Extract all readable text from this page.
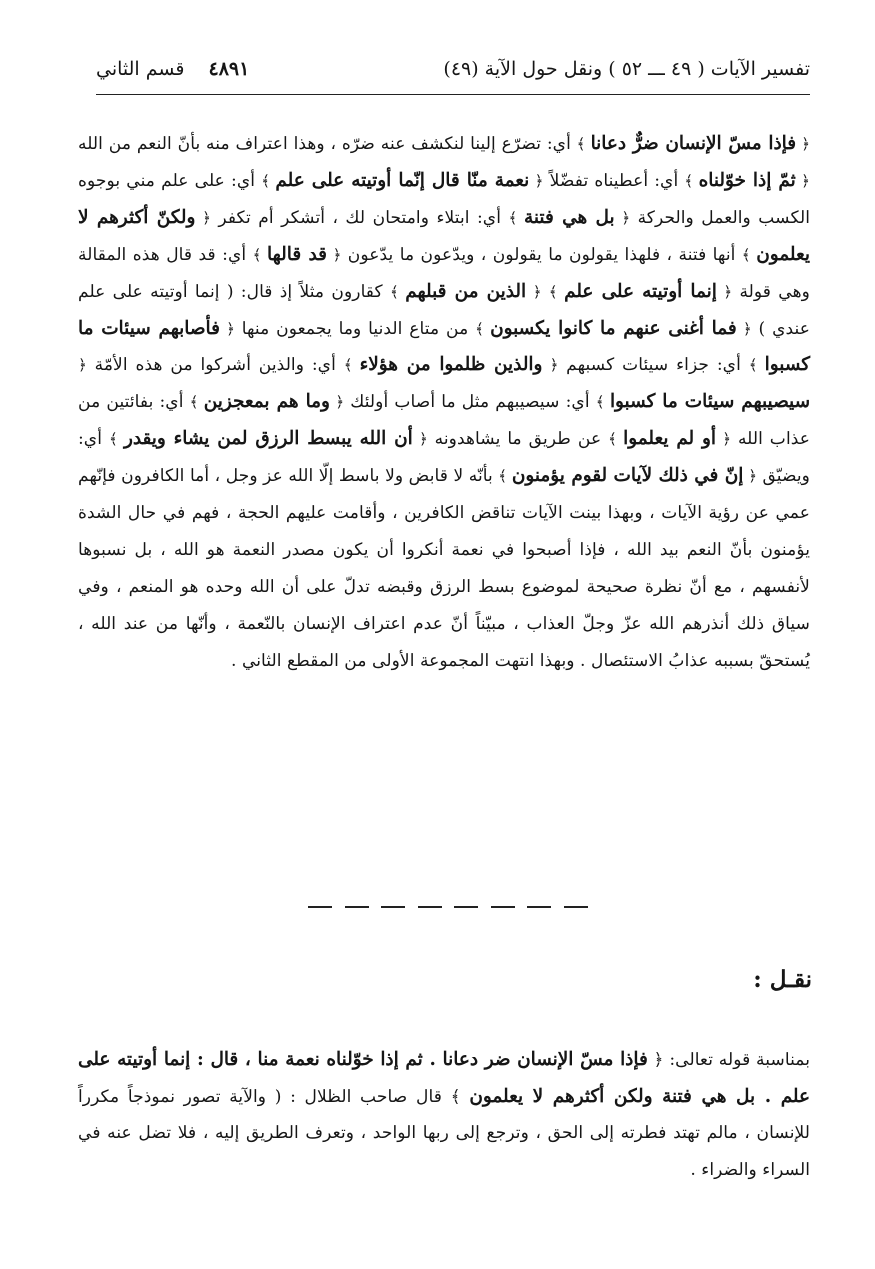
٤٨٩١ قسم الثاني	تفسير الآيات ( ٤٩ ـــ ٥٢ ) ونقل حول الآية (٤٩)
﴿ فإذا مسّ الإنسان ضرٌّ دعانا ﴾ أي: تضرّع إلينا لنكشف عنه ضرّه ، وهذا اعتراف منه بأنّ النعم من الله ﴿ ثمّ إذا خوّلناه ﴾ أي: أعطيناه تفضّلاً ﴿ نعمة منّا قال إنّما أوتيته على علم ﴾ أي: على علم مني بوجوه الكسب والعمل والحركة ﴿ بل هي فتنة ﴾ أي: ابتلاء وامتحان لك ، أتشكر أم تكفر ﴿ ولكنّ أكثرهم لا يعلمون ﴾ أنها فتنة ، فلهذا يقولون ما يقولون ، ويدّعون ما يدّعون ﴿ قد قالها ﴾ أي: قد قال هذه المقالة وهي قولة ﴿ إنما أوتيته على علم ﴾ ﴿ الذين من قبلهم ﴾ كقارون مثلاً إذ قال: ( إنما أوتيته على علم عندي ) ﴿ فما أغنى عنهم ما كانوا يكسبون ﴾ من متاع الدنيا وما يجمعون منها ﴿ فأصابهم سيئات ما كسبوا ﴾ أي: جزاء سيئات كسبهم ﴿ والذين ظلموا من هؤلاء ﴾ أي: والذين أشركوا من هذه الأمّة ﴿ سيصيبهم سيئات ما كسبوا ﴾ أي: سيصيبهم مثل ما أصاب أولئك ﴿ وما هم بمعجزين ﴾ أي: بفائتين من عذاب الله ﴿ أو لم يعلموا ﴾ عن طريق ما يشاهدونه ﴿ أن الله يبسط الرزق لمن يشاء ويقدر ﴾ أي: ويضيّق ﴿ إنّ في ذلك لآيات لقوم يؤمنون ﴾ بأنّه لا قابض ولا باسط إلّا الله عز وجل ، أما الكافرون فإنّهم عمي عن رؤية الآيات ، وبهذا بينت الآيات تناقض الكافرين ، وأقامت عليهم الحجة ، فهم في حال الشدة يؤمنون بأنّ النعم بيد الله ، فإذا أصبحوا في نعمة أنكروا أن يكون مصدر النعمة هو الله ، بل نسبوها لأنفسهم ، مع أنّ نظرة صحيحة لموضوع بسط الرزق وقبضه تدلّ على أن الله وحده هو المنعم ، وفي سياق ذلك أنذرهم الله عزّ وجلّ العذاب ، مبيّناً أنّ عدم اعتراف الإنسان بالنّعمة ، وأنّها من عند الله ، يُستحقّ بسببه عذابُ الاستئصال . وبهذا انتهت المجموعة الأولى من المقطع الثاني .
نقـل :
بمناسبة قوله تعالى: ﴿ فإذا مسّ الإنسان ضر دعانا . ثم إذا خوّلناه نعمة منا ، قال : إنما أوتيته على علم . بل هي فتنة ولكن أكثرهم لا يعلمون ﴾ قال صاحب الظلال : ( والآية تصور نموذجاً مكرراً للإنسان ، مالم تهتد فطرته إلى الحق ، وترجع إلى ربها الواحد ، وتعرف الطريق إليه ، فلا تضل عنه في السراء والضراء .
